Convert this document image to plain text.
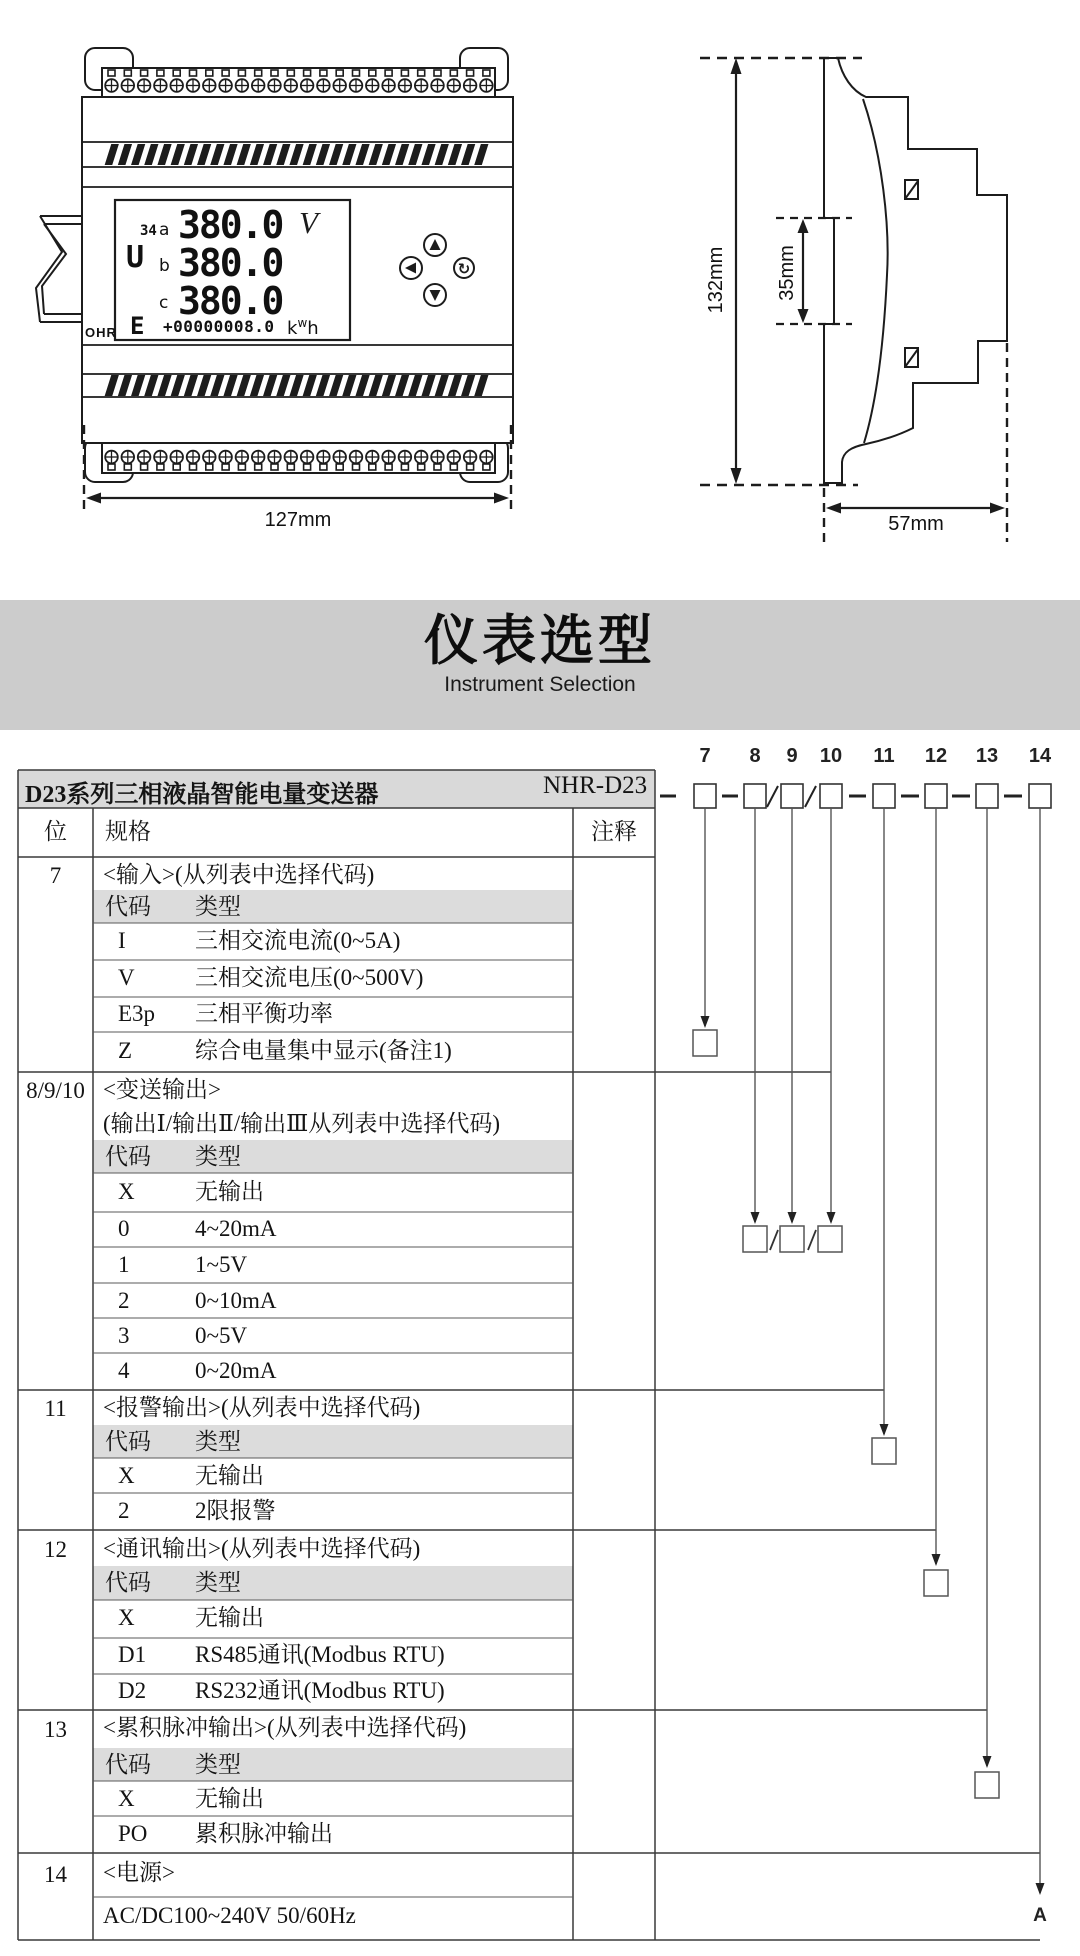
↻
34 a
U b
c
380.0
380.0
380.0
V
E +00000008.0 $k^wh$
OHR
127mm
132mm 35mm
57mm
仪表选型
Instrument Selection
D23系列三相液晶智能电量变送器	NHR-D23
位	规格	注释
7	8	9	10	11	12 13 14
7	<输入>(从列表中选择代码)
代码 类型
I	三相交流电流(0~5A)
V	三相交流电压(0~500V)
E3p 三相平衡功率
Z	综合电量集中显示(备注1)
8/9/10 <变送输出>
(输出Ⅰ/输出Ⅱ/输出Ⅲ从列表中选择代码)
代码 类型
X	无输出
0	4~20mA
1	1~5V
2	0~10mA
3	0~5V
4	0~20mA
11	<报警输出>(从列表中选择代码)
代码 类型
X	无输出
2	2限报警
12	<通讯输出>(从列表中选择代码)
代码 类型
X	无输出
D1 RS485通讯(Modbus RTU)
D2 RS232通讯(Modbus RTU)
13	<累积脉冲输出>(从列表中选择代码)
代码 类型
X	无输出
PO 累积脉冲输出
14	<电源>
AC/DC100~240V 50/60Hz	A
